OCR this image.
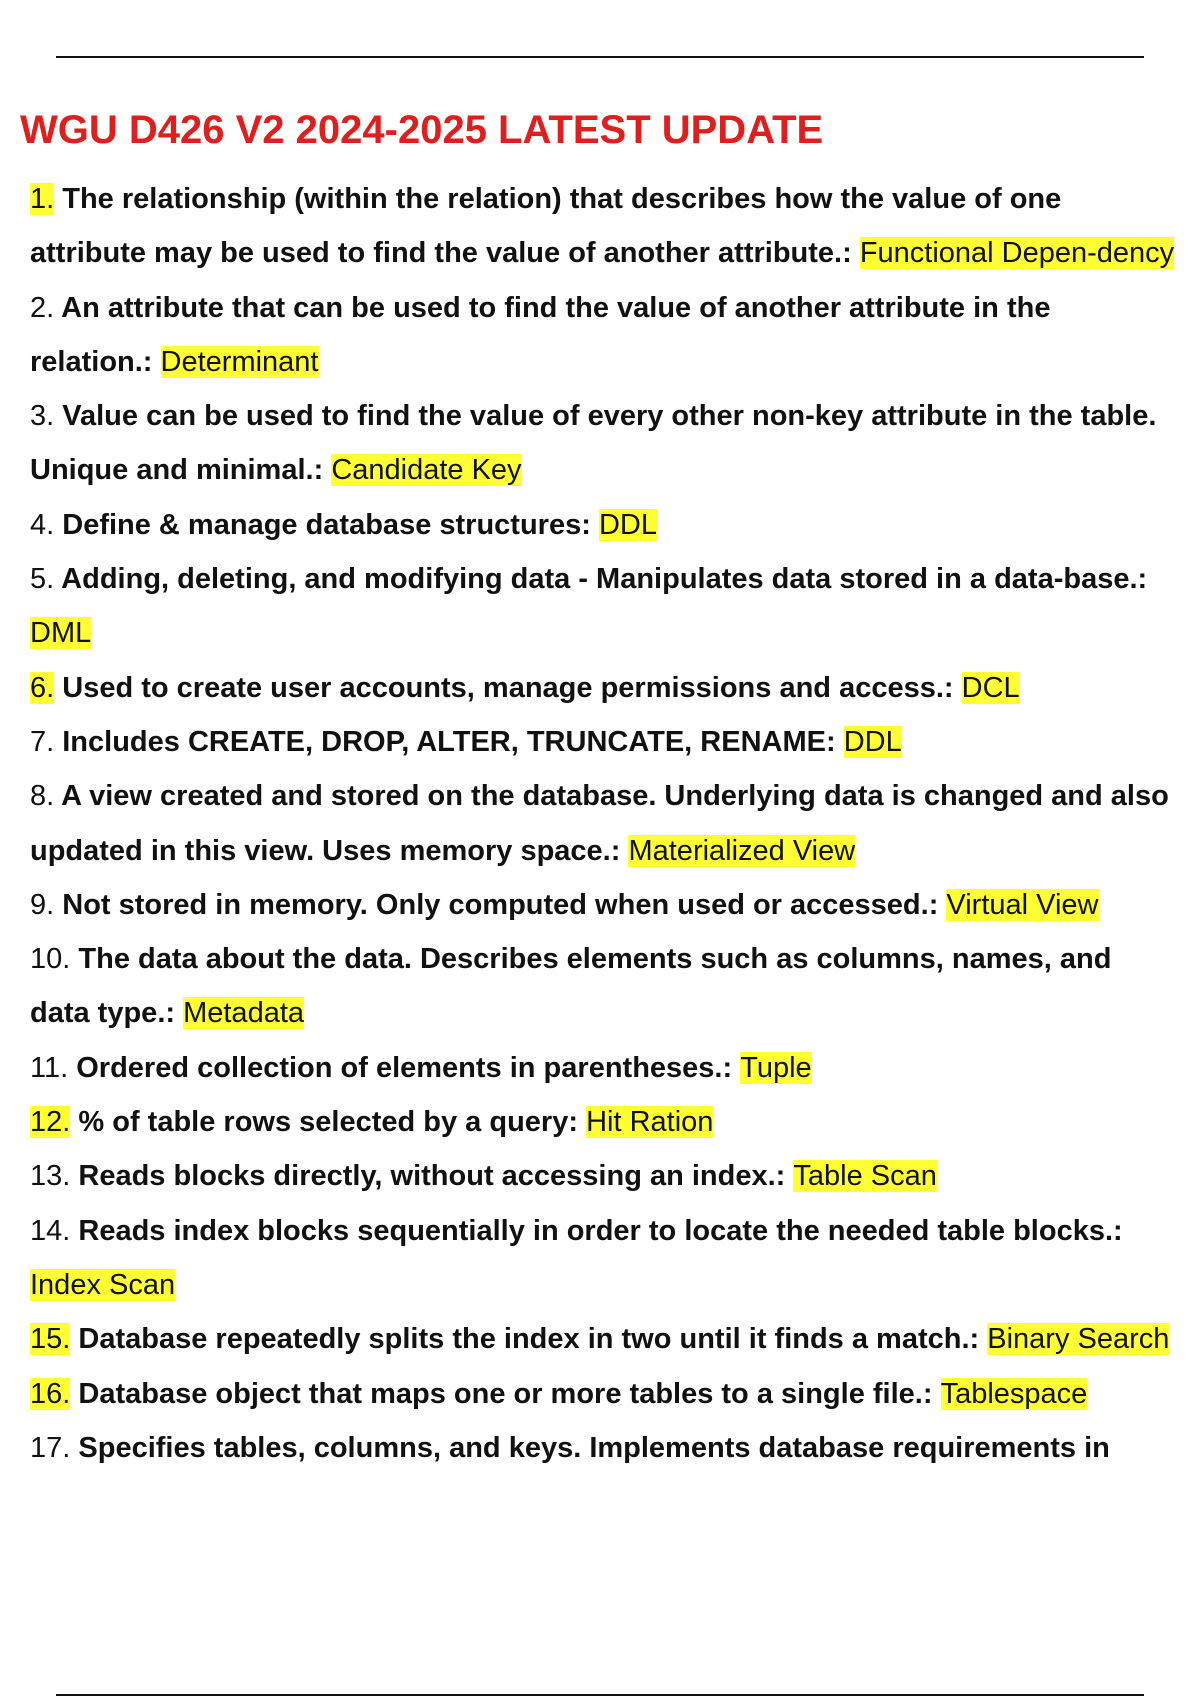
WGU D426 V2 2024-2025 LATEST UPDATE
1. The relationship (within the relation) that describes how the value of one attribute may be used to find the value of another attribute.: Functional Depen-dency
2. An attribute that can be used to find the value of another attribute in the relation.: Determinant
3. Value can be used to find the value of every other non-key attribute in the table. Unique and minimal.: Candidate Key
4. Define & manage database structures: DDL
5. Adding, deleting, and modifying data - Manipulates data stored in a data-base.: DML
6. Used to create user accounts, manage permissions and access.: DCL
7. Includes CREATE, DROP, ALTER, TRUNCATE, RENAME: DDL
8. A view created and stored on the database. Underlying data is changed and also updated in this view. Uses memory space.: Materialized View
9. Not stored in memory. Only computed when used or accessed.: Virtual View
10. The data about the data. Describes elements such as columns, names, and data type.: Metadata
11. Ordered collection of elements in parentheses.: Tuple
12. % of table rows selected by a query: Hit Ration
13. Reads blocks directly, without accessing an index.: Table Scan
14. Reads index blocks sequentially in order to locate the needed table blocks.: Index Scan
15. Database repeatedly splits the index in two until it finds a match.: Binary Search
16. Database object that maps one or more tables to a single file.: Tablespace
17. Specifies tables, columns, and keys. Implements database requirements in
